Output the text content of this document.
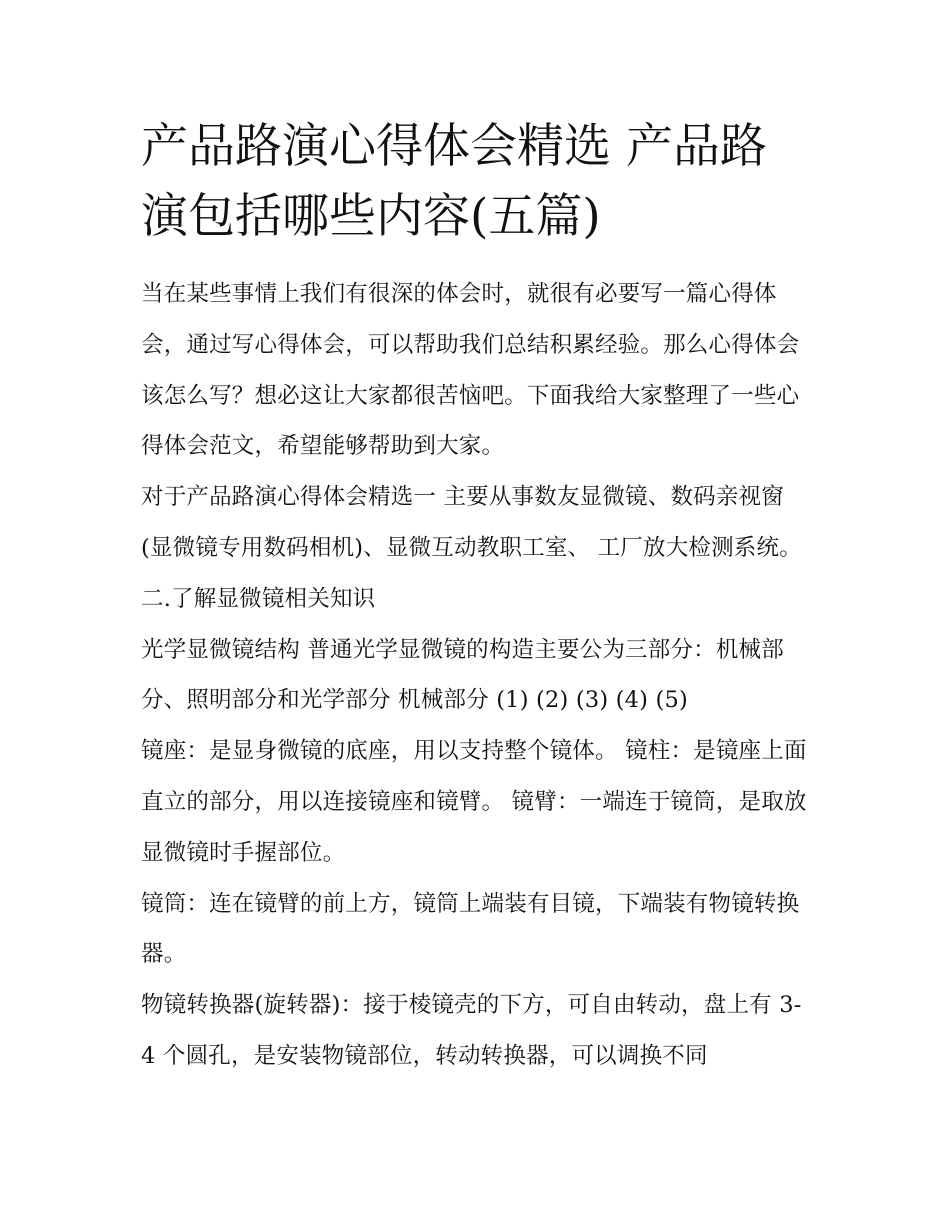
产品路演心得体会精选 产品路演包括哪些内容(五篇)

当在某些事情上我们有很深的体会时，就很有必要写一篇心得体会，通过写心得体会，可以帮助我们总结积累经验。那么心得体会该怎么写？想必这让大家都很苦恼吧。下面我给大家整理了一些心得体会范文，希望能够帮助到大家。

对于产品路演心得体会精选一 主要从事数友显微镜、数码亲视窗(显微镜专用数码相机)、显微互动教职工室、 工厂放大检测系统。 二.了解显微镜相关知识

光学显微镜结构 普通光学显微镜的构造主要公为三部分：机械部分、照明部分和光学部分 机械部分 (1) (2) (3) (4) (5)

镜座：是显身微镜的底座，用以支持整个镜体。 镜柱：是镜座上面直立的部分，用以连接镜座和镜臂。 镜臂：一端连于镜筒，是取放显微镜时手握部位。

镜筒：连在镜臂的前上方，镜筒上端装有目镜，下端装有物镜转换器。

物镜转换器(旋转器)：接于棱镜壳的下方，可自由转动，盘上有 3-4 个圆孔，是安装物镜部位，转动转换器，可以调换不同
